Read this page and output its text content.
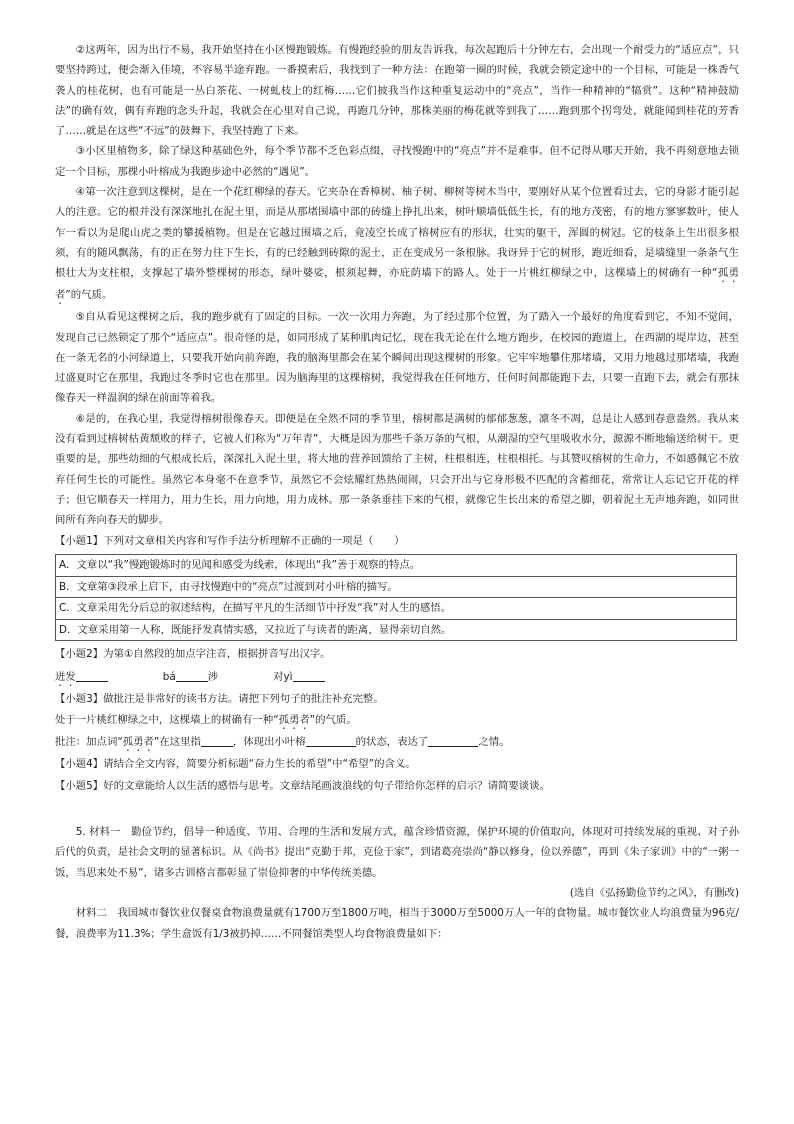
②这两年，因为出行不易，我开始坚持在小区慢跑锻炼。有慢跑经验的朋友告诉我，每次起跑后十分钟左右，会出现一个耐受力的“适应点”，只要坚持跨过，便会渐入佳境，不容易半途弃跑。一番摸索后，我找到了一种方法：在跑第一圈的时候，我就会锁定途中的一个目标，可能是一株香气袭人的桂花树，也有可能是一丛白茶花、一树虬枝上的红梅……它们披我当作这种重复运动中的“亮点”，当作一种精神的“犒赏”。这种“精神鼓励法”的确有效，偶有弃跑的念头升起，我就会在心里对自己说，再跑几分钟，那株美丽的梅花就等到我了……跑到那个拐弯处，就能闻到桂花的芳香了……就是在这些“不远”的鼓舞下，我坚持跑了下来。

③小区里植物多，除了绿这种基础色外，每个季节都不乏色彩点缀，寻找慢跑中的“亮点”并不是难事。但不记得从哪天开始，我不再刻意地去锁定一个目标，那棵小叶榕成为我跑步途中必然的“遇见”。

④第一次注意到这棵树，是在一个花红柳绿的春天。它夹杂在香樟树、柚子树、柳树等树木当中，要刚好从某个位置看过去，它的身影才能引起人的注意。它的根并没有深深地扎在泥土里，而是从那堵围墙中部的砖缝上挣扎出来，树叶顺墙低低生长，有的地方茂密，有的地方寥寥数叶，使人乍一看以为是爬山虎之类的攀援植物。但是在它越过围墙之后，竟凌空长成了榕树应有的形状，壮实的躯干，浑圆的树冠。它的枝条上生出很多根须，有的随风飘荡，有的正在努力往下生长，有的已经触到砖隙的泥土，正在变成另一条根脉。我讶异于它的树形，跑近细看，是墙缝里一条条气生根壮大为支柱根，支撑起了墙外整棵树的形态，绿叶婆娑，根须起舞，亦庇荫墙下的路人。处于一片桃红柳绿之中，这棵墙上的树确有一种“孤勇者”的气质。

⑤自从看见这棵树之后，我的跑步就有了固定的目标。一次一次用力奔跑，为了经过那个位置，为了踏入一个最好的角度看到它，不知不觉间，发现自己已然锁定了那个“适应点”。很奇怪的是，如同形成了某种肌肉记忆，现在我无论在什么地方跑步，在校园的跑道上，在西湖的堤岸边，甚至在一条无名的小河绿道上，只要我开始向前奔跑，我的脑海里都会在某个瞬间出现这棵树的形象。它牢牢地攀住那堵墙，又用力地越过那堵墙，我跑过盛夏时它在那里，我跑过冬季时它也在那里。因为脑海里的这棵榕树，我觉得我在任何地方，任何时间都能跑下去，只要一直跑下去，就会有那抹像春天一样温润的绿在前面等着我。

⑥是的，在我心里，我觉得榕树很像春天。即便是在全然不同的季节里，榕树都是满树的郁郁葱葱，凛冬不凋，总是让人感到春意盎然。我从来没有看到过榕树枯黄颓败的样子，它被人们称为“万年青”，大概是因为那些千条万条的气根，从潮湿的空气里吸收水分，源源不断地输送给树干。更重要的是，那些幼细的气根成长后，深深扎入泥土里，将大地的营养回馈给了主树，柱根相连，柱根相托。与其赞叹榕树的生命力，不如感佩它不放弃任何生长的可能性。虽然它本身毫不在意季节，虽然它不会炫耀红热热闹闹，只会开出与它身形极不匹配的含蓄细花，常常让人忘记它开花的样子；但它顺春天一样用力，用力生长，用力向地，用力成林。那一条条垂挂下来的气根，就像它生长出来的希望之脚，朝着泥土无声地奔跑，如同世间所有奔向春天的脚步。

【小题1】下列对文章相关内容和写作手法分析理解不正确的一项是（　　）

A．文章以“我”慢跑锻炼时的见闻和感受为线索，体现出“我”善于观察的特点。
B．文章第③段承上启下，由寻找慢跑中的“亮点”过渡到对小叶榕的描写。
C．文章采用先分后总的叙述结构，在描写平凡的生活细节中抒发“我”对人生的感悟。
D．文章采用第一人称，既能抒发真情实感，又拉近了与读者的距离，显得亲切自然。

【小题2】为第①自然段的加点字注音，根据拼音写出汉字。

迸发	bá	涉	对yì

【小题3】做批注是非常好的读书方法。请把下列句子的批注补充完整。

处于一片桃红柳绿之中，这棵墙上的树确有一种“孤勇者”的气质。

批注：加点词“孤勇者”在这里指	，体现出小叶榕	的状态，表达了	之情。

【小题4】请结合全文内容，简要分析标题“奋力生长的希望”中“希望”的含义。

【小题5】好的文章能给人以生活的感悟与思考。文章结尾画波浪线的句子带给你怎样的启示？请简要谈谈。

5. 材料一　勤俭节约，倡导一种适度、节用、合理的生活和发展方式，蕴含珍惜资源，保护环境的价值取向，体现对可持续发展的重视、对子孙后代的负责，是社会文明的显著标识。从《尚书》提出“克勤于邦，克俭于家”，到诸葛亮崇尚“静以修身，俭以养德”，再到《朱子家训》中的“一粥一饭，当思来处不易”，诸多古训格言都彰显了崇俭抑奢的中华传统美德。

(选自《弘扬勤俭节约之风》，有删改)

材料二　我国城市餐饮业仅餐桌食物浪费量就有1700万至1800万吨，相当于3000万至5000万人一年的食物量。城市餐饮业人均浪费量为96克/餐，浪费率为11.3%；学生盒饭有1/3被扔掉……不同餐馆类型人均食物浪费量如下：
